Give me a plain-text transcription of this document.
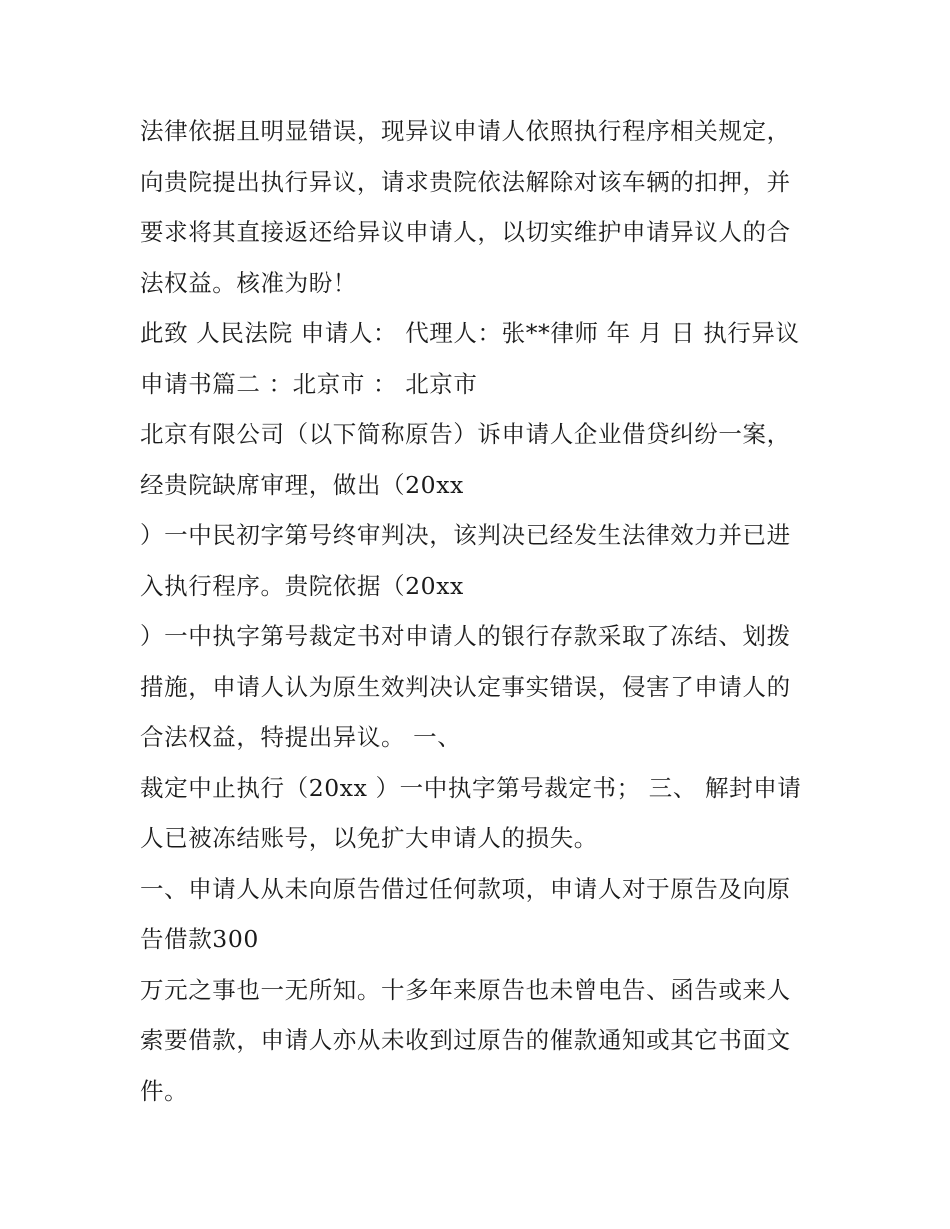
法律依据且明显错误，现异议申请人依照执行程序相关规定，
向贵院提出执行异议，请求贵院依法解除对该车辆的扣押，并
要求将其直接返还给异议申请人，以切实维护申请异议人的合
法权益。核准为盼！
此致 人民法院 申请人： 代理人：张**律师 年 月 日 执行异议
申请书篇二 ：北京市 ： 北京市
北京有限公司（以下简称原告）诉申请人企业借贷纠纷一案，
经贵院缺席审理，做出（20xx
）一中民初字第号终审判决，该判决已经发生法律效力并已进
入执行程序。贵院依据（20xx
）一中执字第号裁定书对申请人的银行存款采取了冻结、划拨
措施，申请人认为原生效判决认定事实错误，侵害了申请人的
合法权益，特提出异议。 一、
裁定中止执行（20xx ）一中执字第号裁定书； 三、 解封申请
人已被冻结账号，以免扩大申请人的损失。
一、申请人从未向原告借过任何款项，申请人对于原告及向原
告借款300
万元之事也一无所知。十多年来原告也未曾电告、函告或来人
索要借款，申请人亦从未收到过原告的催款通知或其它书面文
件。
